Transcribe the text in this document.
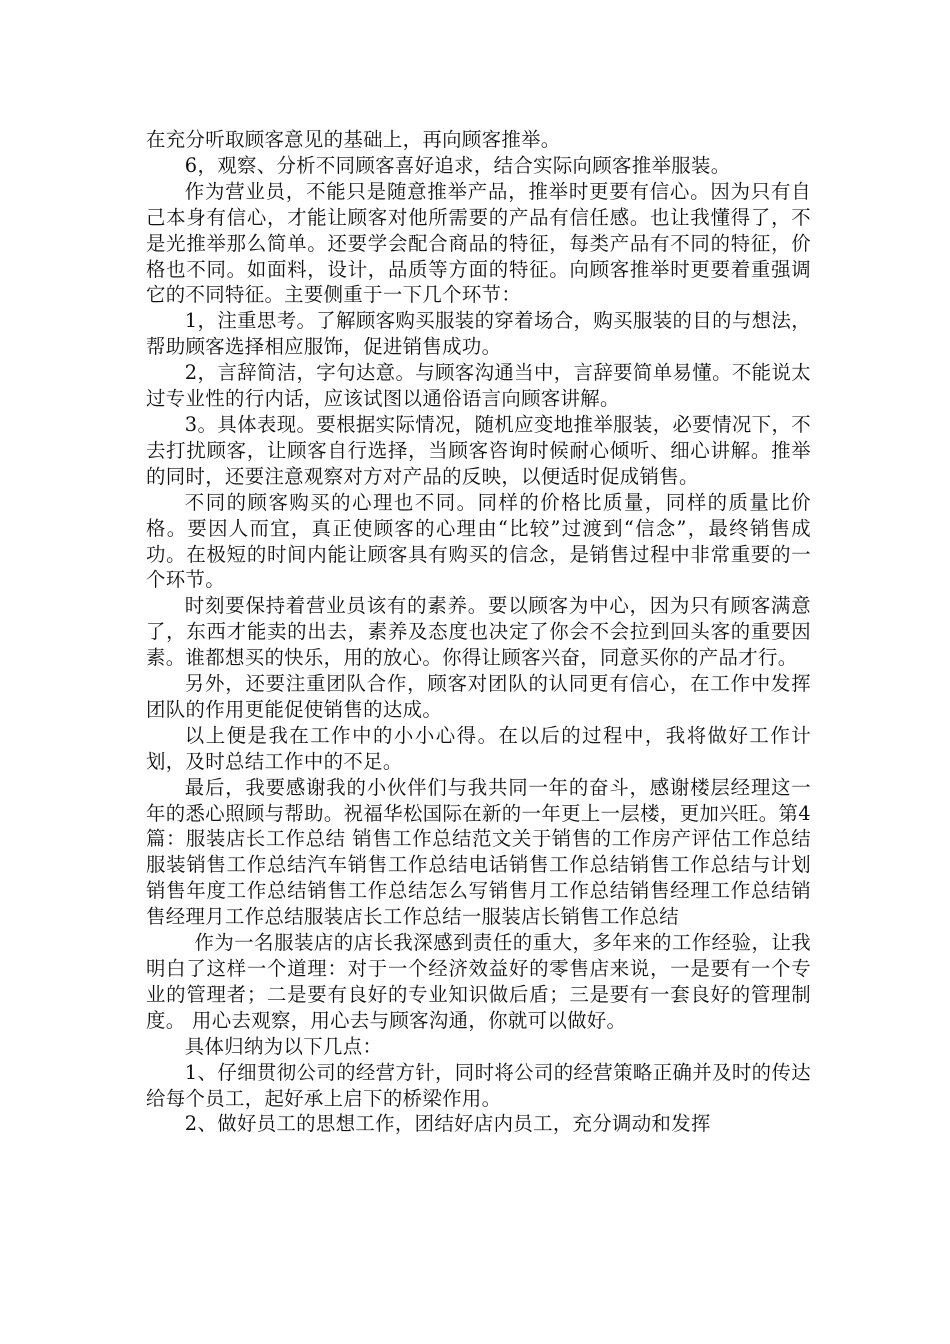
在充分听取顾客意见的基础上，再向顾客推举。

6，观察、分析不同顾客喜好追求，结合实际向顾客推举服装。

作为营业员，不能只是随意推举产品，推举时更要有信心。因为只有自己本身有信心，才能让顾客对他所需要的产品有信任感。也让我懂得了，不是光推举那么简单。还要学会配合商品的特征，每类产品有不同的特征，价格也不同。如面料，设计，品质等方面的特征。向顾客推举时更要着重强调它的不同特征。主要侧重于一下几个环节：

1，注重思考。了解顾客购买服装的穿着场合，购买服装的目的与想法，帮助顾客选择相应服饰，促进销售成功。

2，言辞简洁，字句达意。与顾客沟通当中，言辞要简单易懂。不能说太过专业性的行内话，应该试图以通俗语言向顾客讲解。

3。具体表现。要根据实际情况，随机应变地推举服装，必要情况下，不去打扰顾客，让顾客自行选择，当顾客咨询时候耐心倾听、细心讲解。推举的同时，还要注意观察对方对产品的反映，以便适时促成销售。

不同的顾客购买的心理也不同。同样的价格比质量，同样的质量比价格。要因人而宜，真正使顾客的心理由“比较”过渡到“信念”，最终销售成功。在极短的时间内能让顾客具有购买的信念，是销售过程中非常重要的一个环节。

时刻要保持着营业员该有的素养。要以顾客为中心，因为只有顾客满意了，东西才能卖的出去，素养及态度也决定了你会不会拉到回头客的重要因素。谁都想买的快乐，用的放心。你得让顾客兴奋，同意买你的产品才行。

另外，还要注重团队合作，顾客对团队的认同更有信心，在工作中发挥团队的作用更能促使销售的达成。

以上便是我在工作中的小小心得。在以后的过程中，我将做好工作计划，及时总结工作中的不足。

最后，我要感谢我的小伙伴们与我共同一年的奋斗，感谢楼层经理这一年的悉心照顾与帮助。祝福华松国际在新的一年更上一层楼，更加兴旺。第4篇：服装店长工作总结 销售工作总结范文关于销售的工作房产评估工作总结服装销售工作总结汽车销售工作总结电话销售工作总结销售工作总结与计划销售年度工作总结销售工作总结怎么写销售月工作总结销售经理工作总结销售经理月工作总结服装店长工作总结一服装店长销售工作总结

作为一名服装店的店长我深感到责任的重大，多年来的工作经验，让我明白了这样一个道理：对于一个经济效益好的零售店来说，一是要有一个专业的管理者；二是要有良好的专业知识做后盾；三是要有一套良好的管理制度。 用心去观察，用心去与顾客沟通，你就可以做好。

具体归纳为以下几点：

1、仔细贯彻公司的经营方针，同时将公司的经营策略正确并及时的传达给每个员工，起好承上启下的桥梁作用。

2、做好员工的思想工作，团结好店内员工，充分调动和发挥
